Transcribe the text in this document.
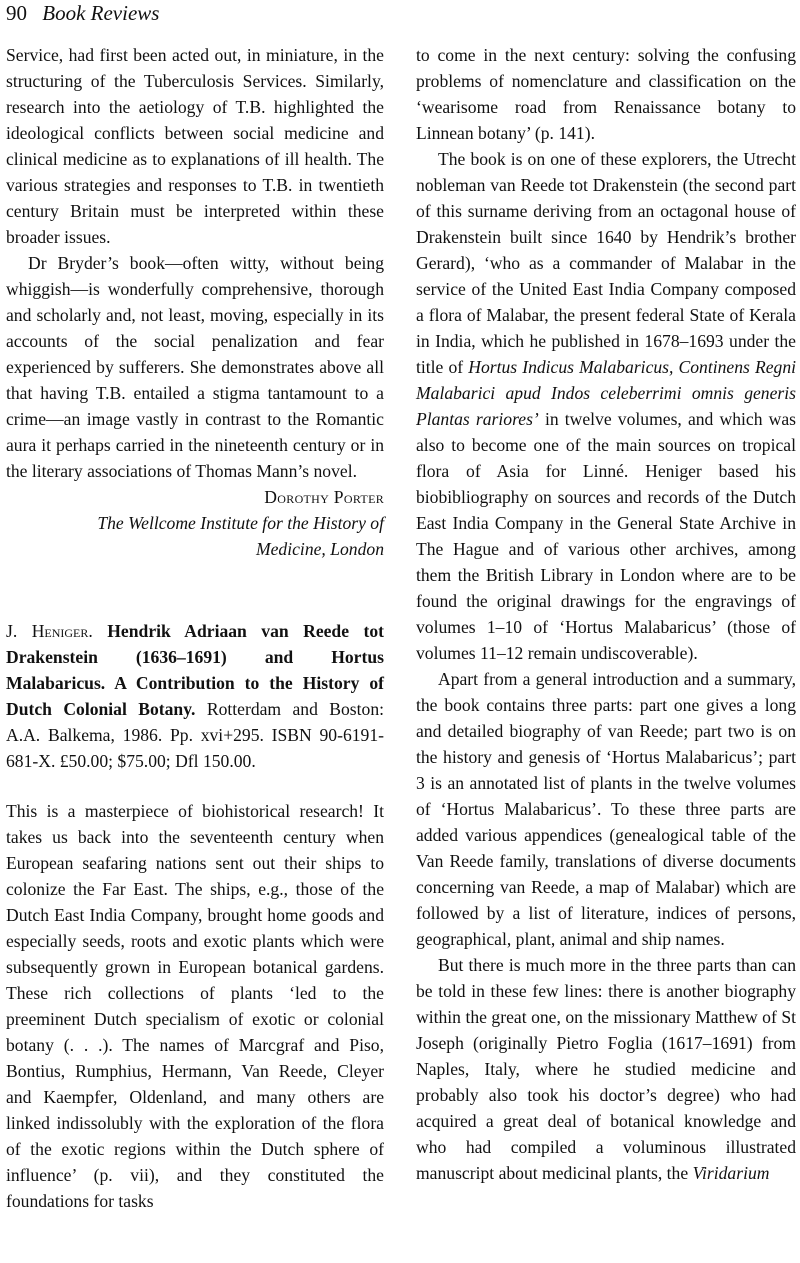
90 Book Reviews

Service, had first been acted out, in miniature, in the structuring of the Tuberculosis Services. Similarly, research into the aetiology of T.B. highlighted the ideological conflicts between social medicine and clinical medicine as to explanations of ill health. The various strategies and responses to T.B. in twentieth century Britain must be interpreted within these broader issues.

Dr Bryder’s book—often witty, without being whiggish—is wonderfully comprehensive, thorough and scholarly and, not least, moving, especially in its accounts of the social penalization and fear experienced by sufferers. She demonstrates above all that having T.B. entailed a stigma tantamount to a crime—an image vastly in contrast to the Romantic aura it perhaps carried in the nineteenth century or in the literary associations of Thomas Mann’s novel.

Dorothy Porter
The Wellcome Institute for the History of
Medicine, London

J. Heniger. Hendrik Adriaan van Reede tot Drakenstein (1636–1691) and Hortus Malabaricus. A Contribution to the History of Dutch Colonial Botany. Rotterdam and Boston: A.A. Balkema, 1986. Pp. xvi+295. ISBN 90-6191-681-X. £50.00; $75.00; Dfl 150.00.

This is a masterpiece of biohistorical research! It takes us back into the seventeenth century when European seafaring nations sent out their ships to colonize the Far East. The ships, e.g., those of the Dutch East India Company, brought home goods and especially seeds, roots and exotic plants which were subsequently grown in European botanical gardens. These rich collections of plants ‘led to the preeminent Dutch specialism of exotic or colonial botany (. . .). The names of Marcgraf and Piso, Bontius, Rumphius, Hermann, Van Reede, Cleyer and Kaempfer, Oldenland, and many others are linked indissolubly with the exploration of the flora of the exotic regions within the Dutch sphere of influence’ (p. vii), and they constituted the foundations for tasks

to come in the next century: solving the confusing problems of nomenclature and classification on the ‘wearisome road from Renaissance botany to Linnean botany’ (p. 141).

The book is on one of these explorers, the Utrecht nobleman van Reede tot Drakenstein (the second part of this surname deriving from an octagonal house of Drakenstein built since 1640 by Hendrik’s brother Gerard), ‘who as a commander of Malabar in the service of the United East India Company composed a flora of Malabar, the present federal State of Kerala in India, which he published in 1678–1693 under the title of Hortus Indicus Malabaricus, Continens Regni Malabarici apud Indos celeberrimi omnis generis Plantas rariores’ in twelve volumes, and which was also to become one of the main sources on tropical flora of Asia for Linné. Heniger based his biobibliography on sources and records of the Dutch East India Company in the General State Archive in The Hague and of various other archives, among them the British Library in London where are to be found the original drawings for the engravings of volumes 1–10 of ‘Hortus Malabaricus’ (those of volumes 11–12 remain undiscoverable).

Apart from a general introduction and a summary, the book contains three parts: part one gives a long and detailed biography of van Reede; part two is on the history and genesis of ‘Hortus Malabaricus’; part 3 is an annotated list of plants in the twelve volumes of ‘Hortus Malabaricus’. To these three parts are added various appendices (genealogical table of the Van Reede family, translations of diverse documents concerning van Reede, a map of Malabar) which are followed by a list of literature, indices of persons, geographical, plant, animal and ship names.

But there is much more in the three parts than can be told in these few lines: there is another biography within the great one, on the missionary Matthew of St Joseph (originally Pietro Foglia (1617–1691) from Naples, Italy, where he studied medicine and probably also took his doctor’s degree) who had acquired a great deal of botanical knowledge and who had compiled a voluminous illustrated manuscript about medicinal plants, the Viridarium
